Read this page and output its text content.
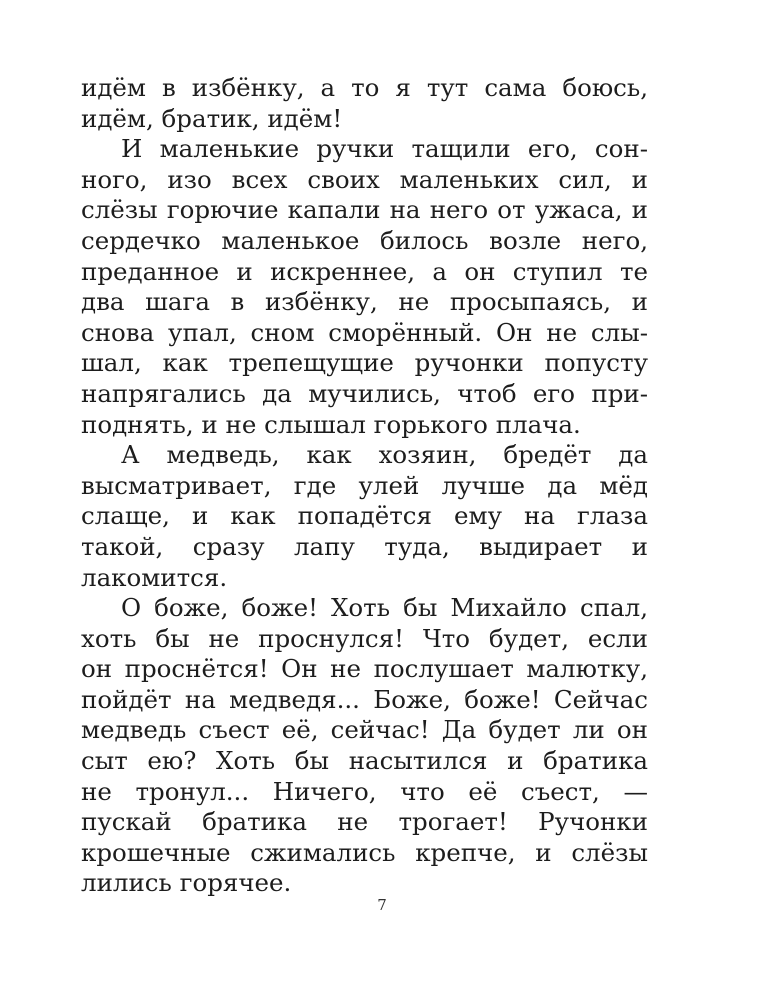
идём в избёнку, а то я тут сама боюсь,
идём, братик, идём!
И маленькие ручки тащили его, сон-
ного, изо всех своих маленьких сил, и
слёзы горючие капали на него от ужаса, и
сердечко маленькое билось возле него,
преданное и искреннее, а он ступил те
два шага в избёнку, не просыпаясь, и
снова упал, сном сморённый. Он не слы-
шал, как трепещущие ручонки попусту
напрягались да мучились, чтоб его при-
поднять, и не слышал горького плача.
А медведь, как хозяин, бредёт да
высматривает, где улей лучше да мёд
слаще, и как попадётся ему на глаза
такой, сразу лапу туда, выдирает и
лакомится.
О боже, боже! Хоть бы Михайло спал,
хоть бы не проснулся! Что будет, если
он проснётся! Он не послушает малютку,
пойдёт на медведя... Боже, боже! Сейчас
медведь съест её, сейчас! Да будет ли он
сыт ею? Хоть бы насытился и братика
не тронул... Ничего, что её съест, —
пускай братика не трогает! Ручонки
крошечные сжимались крепче, и слёзы
лились горячее.
7
